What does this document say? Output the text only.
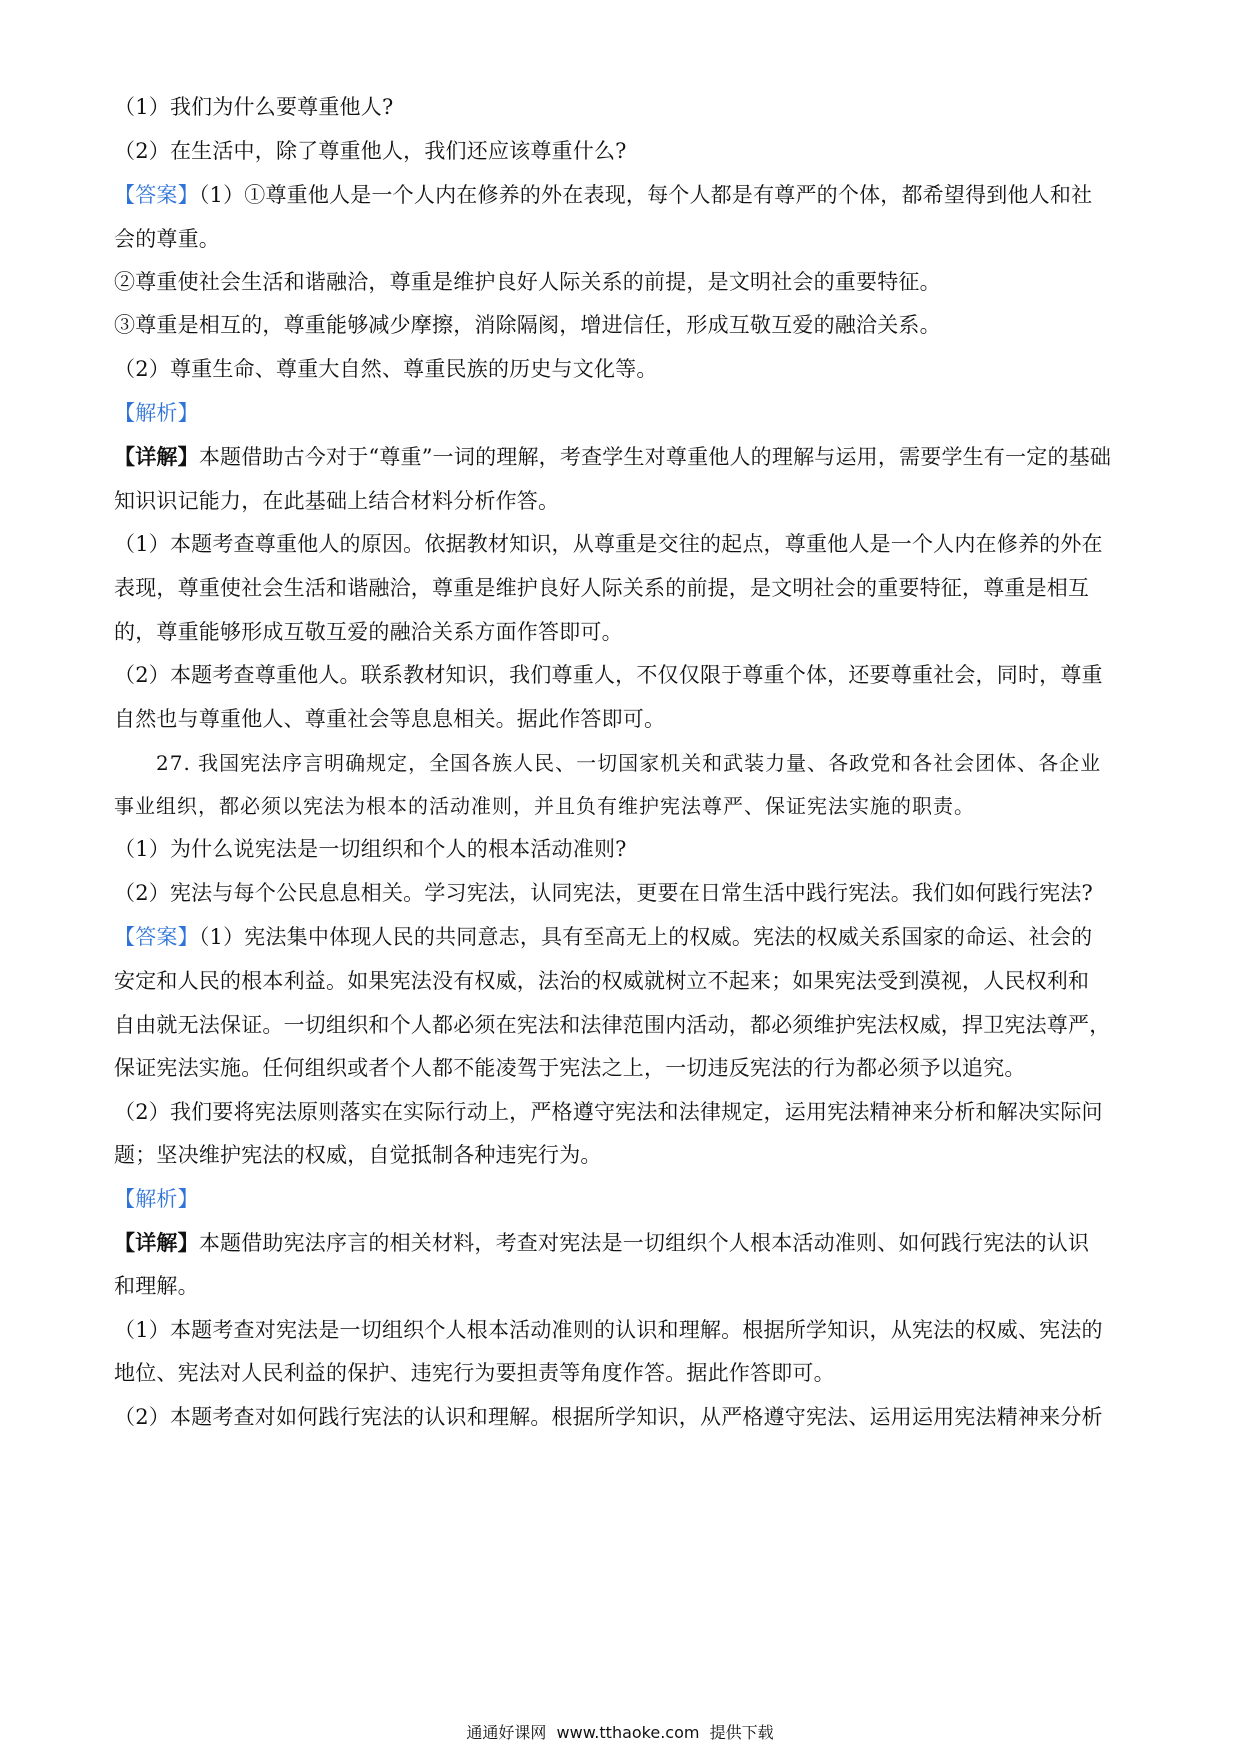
（1）我们为什么要尊重他人?
（2）在生活中，除了尊重他人，我们还应该尊重什么?
【答案】（1）①尊重他人是一个人内在修养的外在表现，每个人都是有尊严的个体，都希望得到他人和社
会的尊重。
②尊重使社会生活和谐融洽，尊重是维护良好人际关系的前提，是文明社会的重要特征。
③尊重是相互的，尊重能够减少摩擦，消除隔阂，增进信任，形成互敬互爱的融洽关系。
（2）尊重生命、尊重大自然、尊重民族的历史与文化等。
【解析】
【详解】本题借助古今对于“尊重”一词的理解，考查学生对尊重他人的理解与运用，需要学生有一定的基础
知识识记能力，在此基础上结合材料分析作答。
（1）本题考查尊重他人的原因。依据教材知识，从尊重是交往的起点，尊重他人是一个人内在修养的外在
表现，尊重使社会生活和谐融洽，尊重是维护良好人际关系的前提，是文明社会的重要特征，尊重是相互
的，尊重能够形成互敬互爱的融洽关系方面作答即可。
（2）本题考查尊重他人。联系教材知识，我们尊重人，不仅仅限于尊重个体，还要尊重社会，同时，尊重
自然也与尊重他人、尊重社会等息息相关。据此作答即可。
27. 我国宪法序言明确规定，全国各族人民、一切国家机关和武装力量、各政党和各社会团体、各企业
事业组织，都必须以宪法为根本的活动准则，并且负有维护宪法尊严、保证宪法实施的职责。
（1）为什么说宪法是一切组织和个人的根本活动准则?
（2）宪法与每个公民息息相关。学习宪法，认同宪法，更要在日常生活中践行宪法。我们如何践行宪法?
【答案】（1）宪法集中体现人民的共同意志，具有至高无上的权威。宪法的权威关系国家的命运、社会的
安定和人民的根本利益。如果宪法没有权威，法治的权威就树立不起来；如果宪法受到漠视，人民权利和
自由就无法保证。一切组织和个人都必须在宪法和法律范围内活动，都必须维护宪法权威，捍卫宪法尊严，
保证宪法实施。任何组织或者个人都不能凌驾于宪法之上，一切违反宪法的行为都必须予以追究。
（2）我们要将宪法原则落实在实际行动上，严格遵守宪法和法律规定，运用宪法精神来分析和解决实际问
题；坚决维护宪法的权威，自觉抵制各种违宪行为。
【解析】
【详解】本题借助宪法序言的相关材料，考查对宪法是一切组织个人根本活动准则、如何践行宪法的认识
和理解。
（1）本题考查对宪法是一切组织个人根本活动准则的认识和理解。根据所学知识，从宪法的权威、宪法的
地位、宪法对人民利益的保护、违宪行为要担责等角度作答。据此作答即可。
（2）本题考查对如何践行宪法的认识和理解。根据所学知识，从严格遵守宪法、运用运用宪法精神来分析
通通好课网 www.tthaoke.com 提供下载
